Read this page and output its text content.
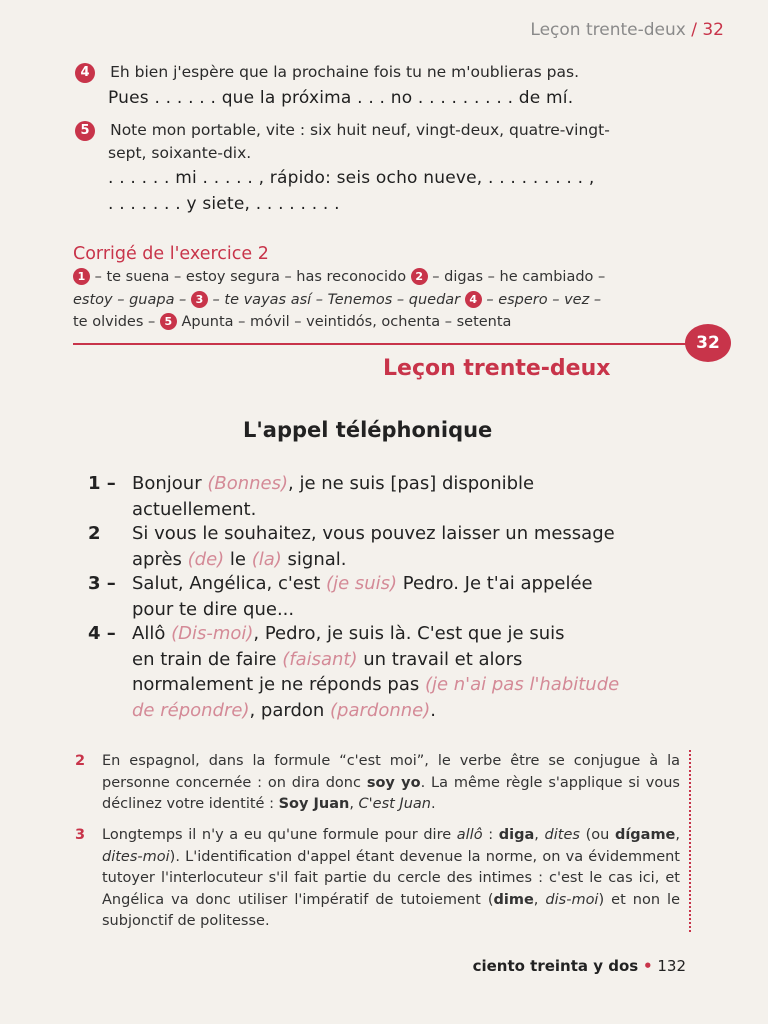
Leçon trente-deux / 32
4 Eh bien j'espère que la prochaine fois tu ne m'oublieras pas.
Pues . . . . . . que la próxima . . . no . . . . . . . . . de mí.
5 Note mon portable, vite : six huit neuf, vingt-deux, quatre-vingt-
sept, soixante-dix.
. . . . . . mi . . . . . , rápido: seis ocho nueve, . . . . . . . . . ,
. . . . . . . y siete, . . . . . . . .
Corrigé de l'exercice 2
1 – te suena – estoy segura – has reconocido 2 – digas – he cambiado –
estoy – guapa – 3 – te vayas así – Tenemos – quedar 4 – espero – vez –
te olvides – 5 Apunta – móvil – veintidós, ochenta – setenta
32
Leçon trente-deux
L'appel téléphonique
1 – Bonjour (Bonnes), je ne suis [pas] disponible
actuellement.
2 Si vous le souhaitez, vous pouvez laisser un message
après (de) le (la) signal.
3 – Salut, Angélica, c'est (je suis) Pedro. Je t'ai appelée
pour te dire que...
4 – Allô (Dis-moi), Pedro, je suis là. C'est que je suis
en train de faire (faisant) un travail et alors
normalement je ne réponds pas (je n'ai pas l'habitude
de répondre), pardon (pardonne).
2 En espagnol, dans la formule “c'est moi”, le verbe être se conjugue à la personne concernée : on dira donc soy yo. La même règle s'applique si vous déclinez votre identité : Soy Juan, C'est Juan.
3 Longtemps il n'y a eu qu'une formule pour dire allô : diga, dites (ou dígame, dites-moi). L'identification d'appel étant devenue la norme, on va évidemment tutoyer l'interlocuteur s'il fait partie du cercle des intimes : c'est le cas ici, et Angélica va donc utiliser l'impératif de tutoiement (dime, dis-moi) et non le subjonctif de politesse.
ciento treinta y dos • 132
